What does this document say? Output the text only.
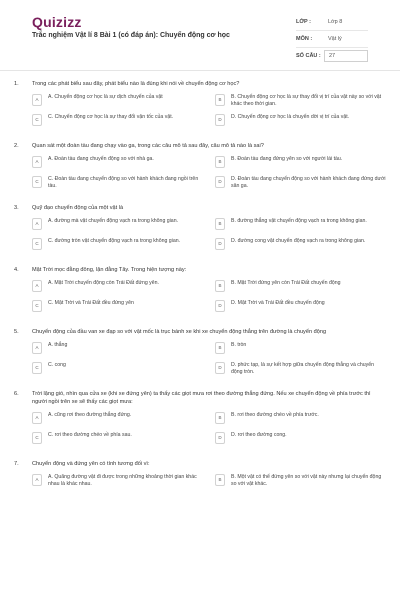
Quizizz
Trắc nghiệm Vật lí 8 Bài 1 (có đáp án): Chuyển động cơ học
LỚP :	Lớp 8
MÔN :	Vật lý
SỐ CÂU :	27
1.	Trong các phát biểu sau đây, phát biểu nào là đúng khi nói về chuyển động cơ học?
A	A. Chuyển động cơ học là sự dịch chuyển của vật	B	B. Chuyển động cơ học là sự thay đổi vị trí của vật này so với vật khác theo thời gian.
C	C. Chuyển động cơ học là sự thay đổi vận tốc của vật.	D	D. Chuyển động cơ học là chuyển dời vị trí của vật.
2.	Quan sát một đoàn tàu đang chạy vào ga, trong các câu mô tả sau đây, câu mô tả nào là sai?
A	A. Đoàn tàu đang chuyển động so với nhà ga.	B	B. Đoàn tàu đang đứng yên so với người lái tàu.
C	C. Đoàn tàu đang chuyển động so với hành khách đang ngồi trên tàu.
D	D. Đoàn tàu đang chuyển động so với hành khách đang đứng dưới sân ga.
3.	Quỹ đạo chuyển động của một vật là
A	A. đường mà vật chuyển động vạch ra trong không gian.	B	B. đường thẳng vật chuyển động vạch ra trong không gian.
C	C. đường tròn vật chuyển động vạch ra trong không gian.	D	D. đường cong vật chuyển động vạch ra trong không gian.
4.	Mặt Trời mọc đằng đông, lặn đằng Tây. Trong hiện tượng này:
A	A. Mặt Trời chuyển động còn Trái Đất đứng yên.	B	B. Mặt Trời đứng yên còn Trái Đất chuyển động
C	C. Mặt Trời và Trái Đất đều đứng yên	D	D. Mặt Trời và Trái Đất đều chuyển động
5.	Chuyển động của đầu van xe đạp so với vật mốc là trục bánh xe khi xe chuyển động thẳng trên đường là chuyển động
A	A. thẳng	B	B. tròn
C	C. cong	D	D. phức tạp, là sự kết hợp giữa chuyển động thẳng và chuyển động tròn.
6.	Trời lặng gió, nhìn qua cửa xe (khi xe đứng yên) ta thấy các giọt mưa rơi theo đường thẳng đứng. Nếu xe chuyển động về phía trước thì người ngồi trên xe sẽ thấy các giọt mưa:
A	A. cũng rơi theo đường thẳng đứng.	B	B. rơi theo đường chéo về phía trước.
C	C. rơi theo đường chéo về phía sau.	D	D. rơi theo đường cong.
7.	Chuyển động và đứng yên có tính tương đối vì:
A	A. Quãng đường vật đi được trong những khoảng thời gian khác nhau là khác nhau.
B	B. Một vật có thể đứng yên so với vật này nhưng lại chuyển động so với vật khác.
